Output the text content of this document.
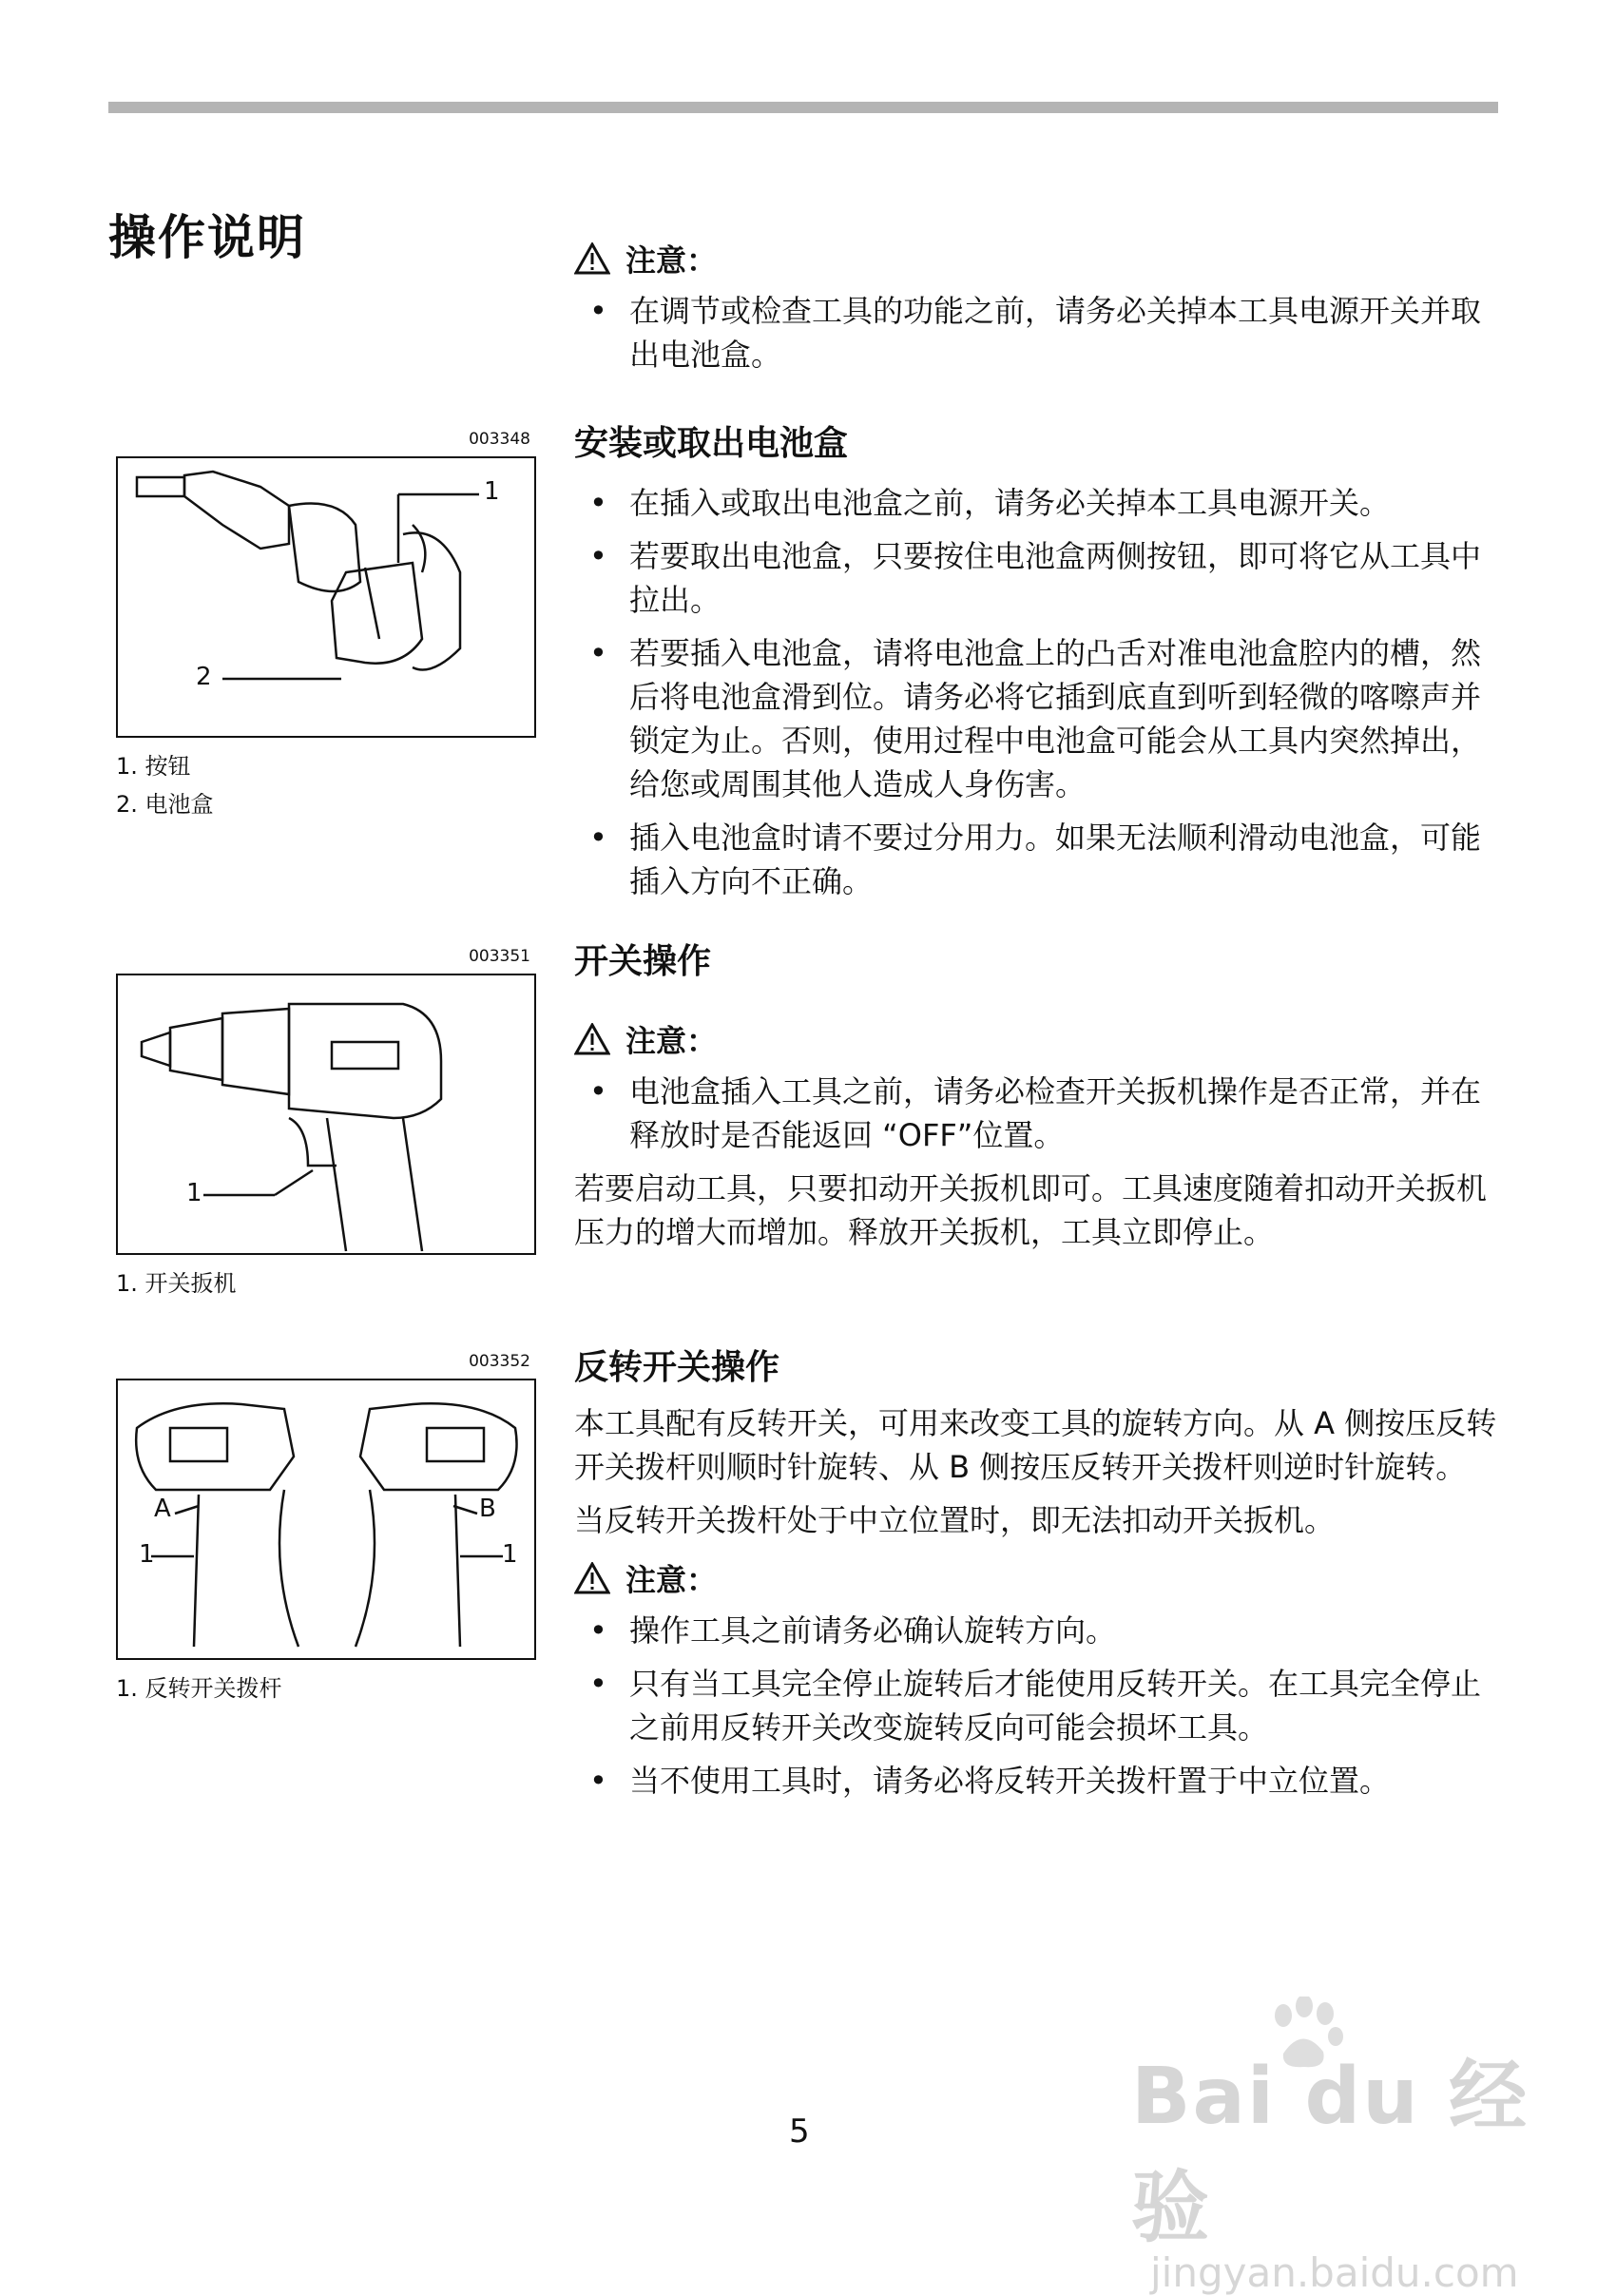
操作说明	注意：
• 在调节或检查工具的功能之前，请务必关掉本工具电源开关并取出电池盒。
003348
1
2
1. 按钮
2. 电池盒
安装或取出电池盒
• 在插入或取出电池盒之前，请务必关掉本工具电源开关。
• 若要取出电池盒，只要按住电池盒两侧按钮，即可将它从工具中拉出。
• 若要插入电池盒，请将电池盒上的凸舌对准电池盒腔内的槽，然后将电池盒滑到位。请务必将它插到底直到听到轻微的喀嚓声并锁定为止。否则，使用过程中电池盒可能会从工具内突然掉出，给您或周围其他人造成人身伤害。
• 插入电池盒时请不要过分用力。如果无法顺利滑动电池盒，可能插入方向不正确。
003351
1
1. 开关扳机
开关操作
注意：
• 电池盒插入工具之前，请务必检查开关扳机操作是否正常，并在释放时是否能返回 “OFF”位置。

若要启动工具，只要扣动开关扳机即可。工具速度随着扣动开关扳机压力的增大而增加。释放开关扳机，工具立即停止。

003352
A	B
1	1
1. 反转开关拨杆
反转开关操作

本工具配有反转开关，可用来改变工具的旋转方向。从 A 侧按压反转开关拨杆则顺时针旋转、从 B 侧按压反转开关拨杆则逆时针旋转。

当反转开关拨杆处于中立位置时，即无法扣动开关扳机。

注意：
• 操作工具之前请务必确认旋转方向。
• 只有当工具完全停止旋转后才能使用反转开关。在工具完全停止之前用反转开关改变旋转反向可能会损坏工具。
• 当不使用工具时，请务必将反转开关拨杆置于中立位置。
5	Bai du 经验
jingyan.baidu.com
